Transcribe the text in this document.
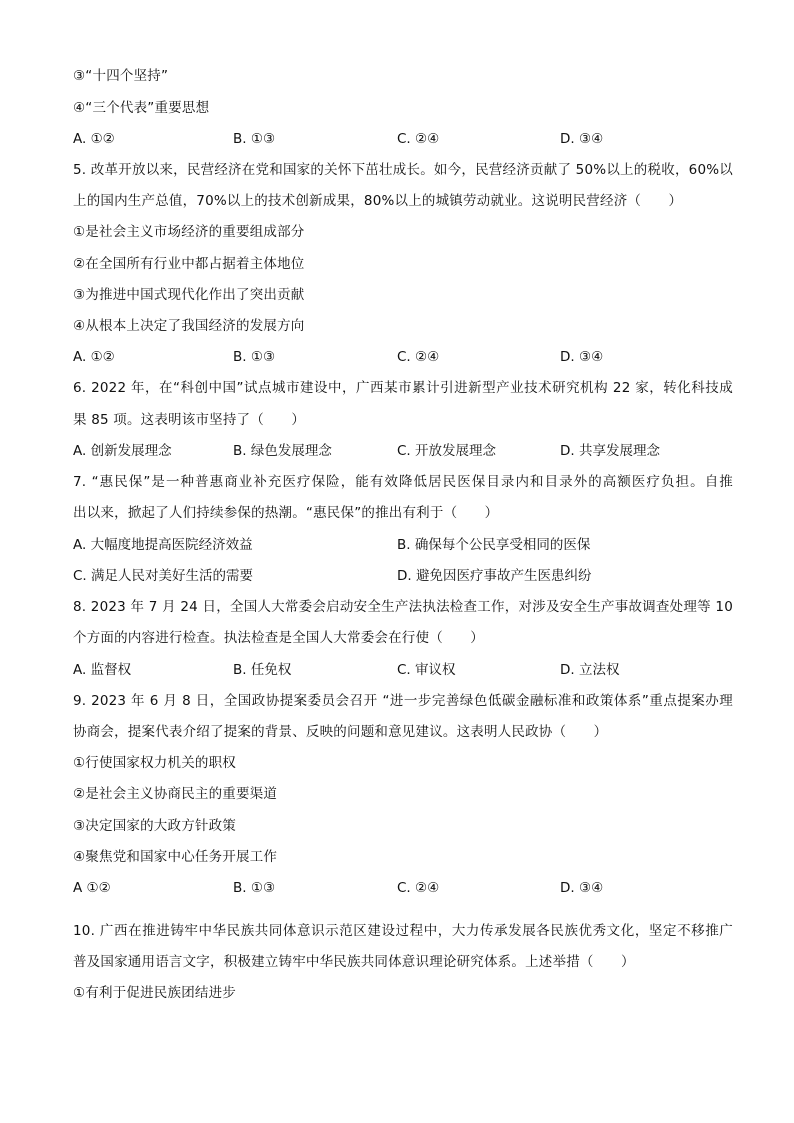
③“十四个坚持”
④“三个代表”重要思想
A. ①②	B. ①③	C. ②④	D. ③④
5. 改革开放以来，民营经济在党和国家的关怀下茁壮成长。如今，民营经济贡献了 50%以上的税收，60%以
上的国内生产总值，70%以上的技术创新成果，80%以上的城镇劳动就业。这说明民营经济（　　）
①是社会主义市场经济的重要组成部分
②在全国所有行业中都占据着主体地位
③为推进中国式现代化作出了突出贡献
④从根本上决定了我国经济的发展方向
A. ①②	B. ①③	C. ②④	D. ③④
6. 2022 年，在“科创中国”试点城市建设中，广西某市累计引进新型产业技术研究机构 22 家，转化科技成
果 85 项。这表明该市坚持了（　　）
A. 创新发展理念	B. 绿色发展理念	C. 开放发展理念	D. 共享发展理念
7. “惠民保”是一种普惠商业补充医疗保险，能有效降低居民医保目录内和目录外的高额医疗负担。自推
出以来，掀起了人们持续参保的热潮。“惠民保”的推出有利于（　　）
A. 大幅度地提高医院经济效益	B. 确保每个公民享受相同的医保
C. 满足人民对美好生活的需要	D. 避免因医疗事故产生医患纠纷
8. 2023 年 7 月 24 日，全国人大常委会启动安全生产法执法检查工作，对涉及安全生产事故调查处理等 10
个方面的内容进行检查。执法检查是全国人大常委会在行使（　　）
A. 监督权	B. 任免权	C. 审议权	D. 立法权
9. 2023 年 6 月 8 日，全国政协提案委员会召开 “进一步完善绿色低碳金融标准和政策体系”重点提案办理
协商会，提案代表介绍了提案的背景、反映的问题和意见建议。这表明人民政协（　　）
①行使国家权力机关的职权
②是社会主义协商民主的重要渠道
③决定国家的大政方针政策
④聚焦党和国家中心任务开展工作
A ①②	B. ①③	C. ②④	D. ③④
10. 广西在推进铸牢中华民族共同体意识示范区建设过程中，大力传承发展各民族优秀文化，坚定不移推广
普及国家通用语言文字，积极建立铸牢中华民族共同体意识理论研究体系。上述举措（　　）
①有利于促进民族团结进步
